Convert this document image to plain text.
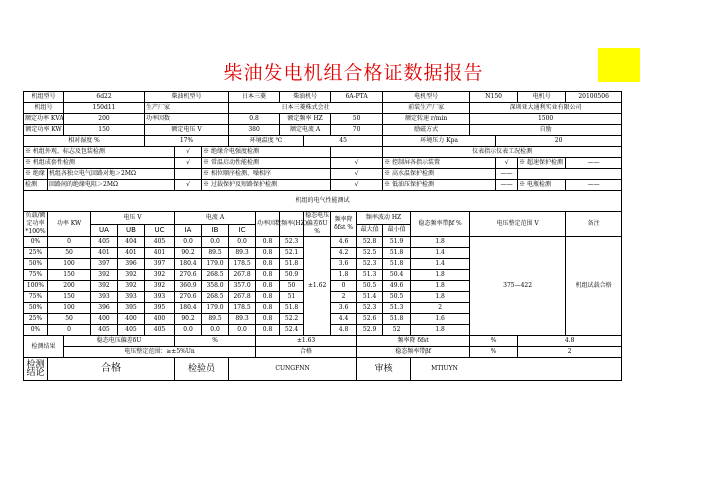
柴油发电机组合格证数据报告
机组型号		6d22			柴油机型号			日本三菱		柴油机号		6A-PTA		电机型号		N150		电机号	20100506
机组号		150d11			生产厂家			日本三菱株式会社						前装生产厂家		深圳亚大通利实业有限公司			
额定功率 KVA		200			功率因数			0.8		额定频率 HZ		50		额定转速 r/min		1500			
额定功率 KW		150			额定电压 V			380		额定电流 A		70		励磁方式		自励			
相对湿度 %					17%			环境温度 ℃			45			环境压力 Kpa			20		
※ 机组外观、标志及包装检测						√	※ 绝缘介电强度检测							仪表指示仪表工况检测					
※ 机组成套性检测						√	※ 常温启动性能检测					√		※ 控制屏各指示装置			√	※ 超速保护检测	——
※ 绝缘	机组各独立电气回路对地＞2MΩ						※ 相位顺序检测、噪相序					√		※ 高水温保护检测			——		
检测	回路间的绝缘电阻＞2MΩ					√	※ 过载保护及短路保护检测					√		※ 低油压保护检测			——	※ 电瓶检测	——
机组的电气性能测试																			
负载/额定功率 *100%	功率 KW		电压 V			电流 A			功率因数	频率(HZ)	稳态电压偏差δU %	频率降 δfst %	频率波动 HZ		稳态频率带βf %	电压整定范围 V			备注
			UA	UB	UC	IA	IB	IC					最大值	最小值					
0%	0		405	404	405	0.0	0.0	0.0	0.8	52.3	±1.62	4.6	52.8	51.9	1.8	375—422			机组试载合格
25%	50		401	401	401	90.2	89.5	89.3	0.8	52.1		4.2	52.5	51.8	1.4				
50%	100		397	396	397	180.4	179.0	178.5	0.8	51.8		3.6	52.3	51.8	1.4				
75%	150		392	392	392	270.6	268.5	267.8	0.8	50.9		1.8	51.3	50.4	1.8				
100%	200		392	392	392	360.9	358.0	357.0	0.8	50		0	50.5	49.6	1.8				
75%	150		393	393	393	270.6	268.5	267.8	0.8	51		2	51.4	50.5	1.8				
50%	100		396	395	395	180.4	179.0	178.5	0.8	51.8		3.6	52.3	51.3	2				
25%	50		400	400	400	90.2	89.5	89.3	0.8	52.2		4.4	52.6	51.8	1.6				
0%	0		405	405	405	0.0	0.0	0.0	0.8	52.4		4.8	52.9	52	1.8				
检测结果		稳态电压偏差δU				%			±1.63				频率降 δfst			%		4.8	
		电压整定范围：≥±5%Un							合格				稳态频率带βf			%		2	
检测结论	合格					检验员		CUNGFNN					审核		MTIUYN				
